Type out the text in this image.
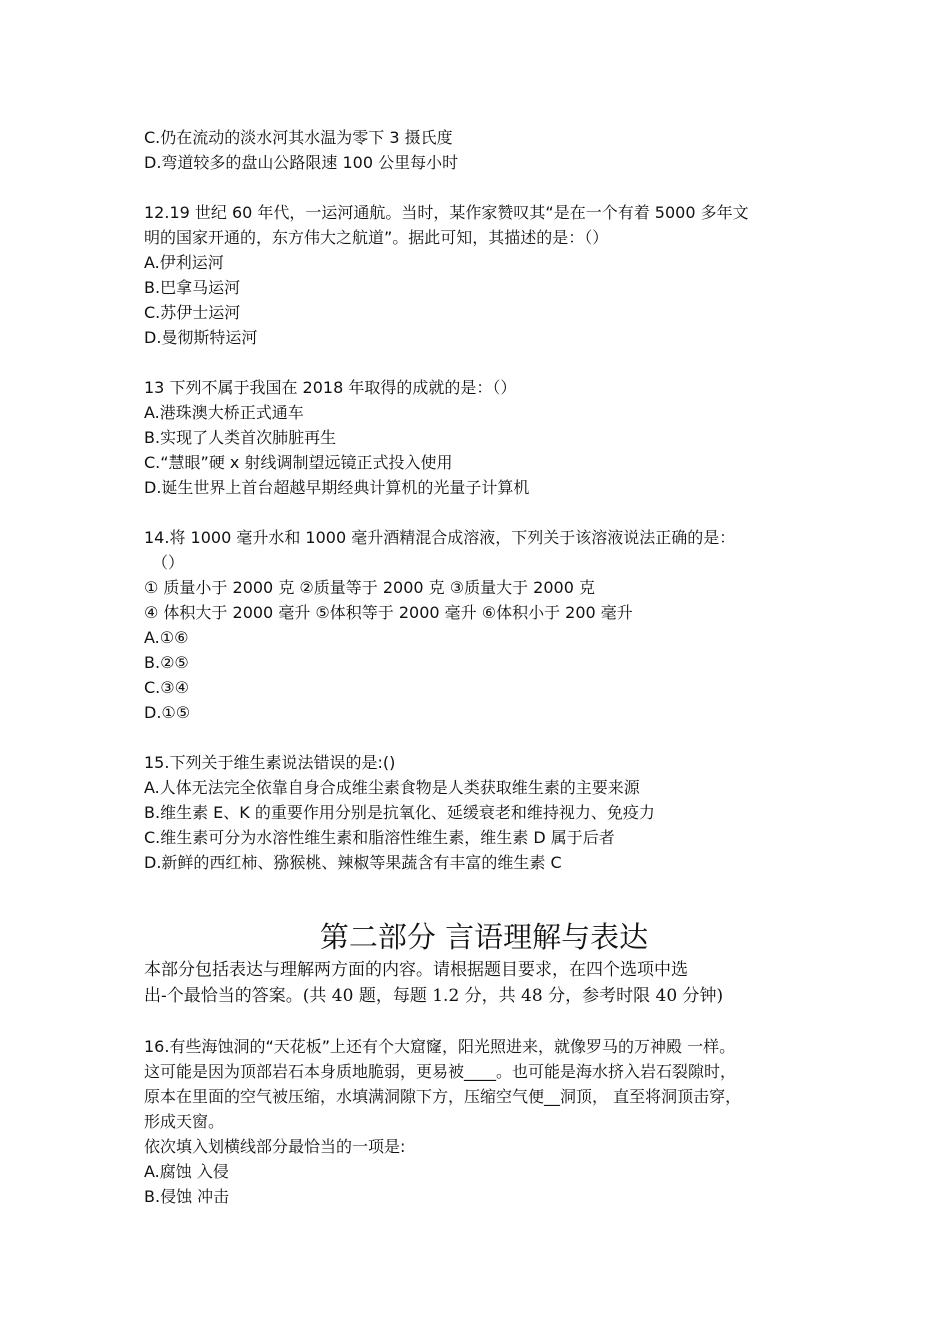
C.仍在流动的淡水河其水温为零下 3 摄氏度
D.弯道较多的盘山公路限速 100 公里每小时
12.19 世纪 60 年代，一运河通航。当时，某作家赞叹其“是在一个有着 5000 多年文
明的国家开通的，东方伟大之航道”。据此可知，其描述的是：（）
A.伊利运河
B.巴拿马运河
C.苏伊士运河
D.曼彻斯特运河
13 下列不属于我国在 2018 年取得的成就的是：（）
A.港珠澳大桥正式通车
B.实现了人类首次肺脏再生
C.“慧眼”硬 x 射线调制望远镜正式投入使用
D.诞生世界上首台超越早期经典计算机的光量子计算机
14.将 1000 毫升水和 1000 毫升酒精混合成溶液，下列关于该溶液说法正确的是：
（）
① 质量小于 2000 克 ②质量等于 2000 克 ③质量大于 2000 克
④ 体积大于 2000 毫升 ⑤体积等于 2000 毫升 ⑥体积小于 200 毫升
A.①⑥
B.②⑤
C.③④
D.①⑤
15.下列关于维生素说法错误的是:()
A.人体无法完全依靠自身合成维尘素食物是人类获取维生素的主要来源
B.维生素 E、K 的重要作用分别是抗氧化、延缓衰老和维持视力、免疫力
C.维生素可分为水溶性维生素和脂溶性维生素，维生素 D 属于后者
D.新鲜的西红柿、猕猴桃、辣椒等果蔬含有丰富的维生素 C
第二部分 言语理解与表达
本部分包括表达与理解两方面的内容。请根据题目要求，在四个选项中选
出-个最恰当的答案。(共 40 题，每题 1.2 分，共 48 分，参考时限 40 分钟)
16.有些海蚀洞的“天花板”上还有个大窟窿，阳光照进来，就像罗马的万神殿 一样。
这可能是因为顶部岩石本身质地脆弱，更易被____。也可能是海水挤入岩石裂隙时，
原本在里面的空气被压缩，水填满洞隙下方，压缩空气便__洞顶， 直至将洞顶击穿，
形成天窗。
依次填入划横线部分最恰当的一项是:
A.腐蚀 入侵
B.侵蚀 冲击
